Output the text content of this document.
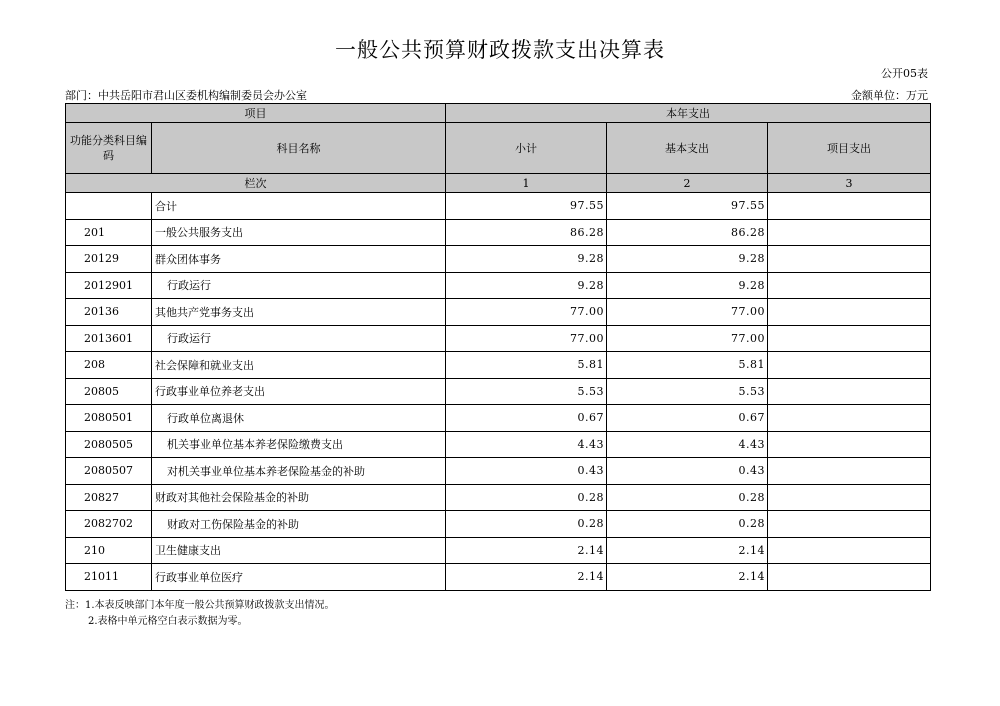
一般公共预算财政拨款支出决算表
公开05表
部门：中共岳阳市君山区委机构编制委员会办公室	金额单位：万元
项目		本年支出		
功能分类科目编码	科目名称	小计	基本支出	项目支出
栏次		1	2	3
	合计	97.55	97.55	
201	一般公共服务支出	86.28	86.28	
20129	群众团体事务	9.28	9.28	
2012901	行政运行	9.28	9.28	
20136	其他共产党事务支出	77.00	77.00	
2013601	行政运行	77.00	77.00	
208	社会保障和就业支出	5.81	5.81	
20805	行政事业单位养老支出	5.53	5.53	
2080501	行政单位离退休	0.67	0.67	
2080505	机关事业单位基本养老保险缴费支出	4.43	4.43	
2080507	对机关事业单位基本养老保险基金的补助	0.43	0.43	
20827	财政对其他社会保险基金的补助	0.28	0.28	
2082702	财政对工伤保险基金的补助	0.28	0.28	
210	卫生健康支出	2.14	2.14	
21011	行政事业单位医疗	2.14	2.14	
注：1.本表反映部门本年度一般公共预算财政拨款支出情况。
2.表格中单元格空白表示数据为零。
